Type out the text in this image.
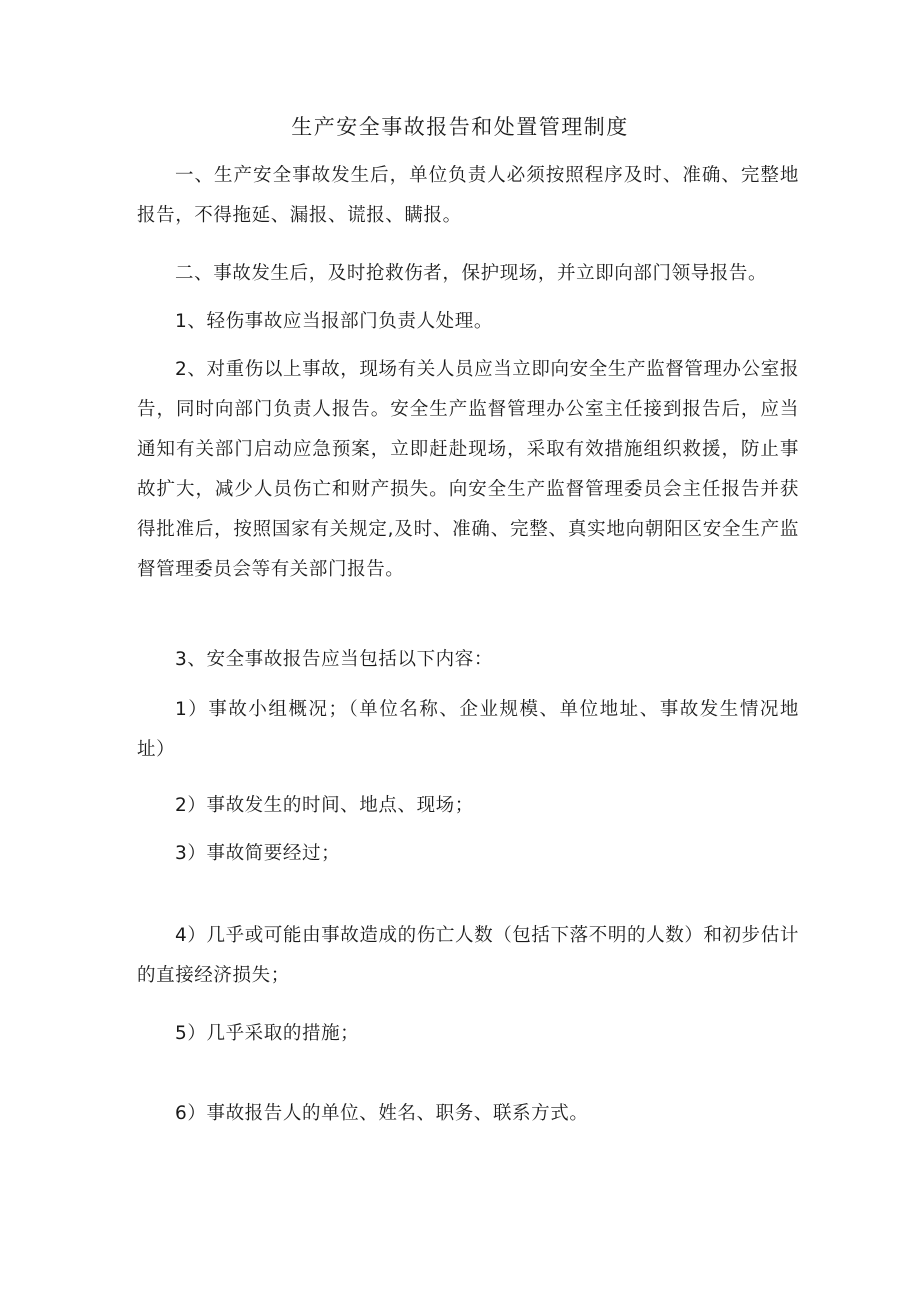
生产安全事故报告和处置管理制度

一、生产安全事故发生后，单位负责人必须按照程序及时、准确、完整地报告，不得拖延、漏报、谎报、瞒报。

二、事故发生后，及时抢救伤者，保护现场，并立即向部门领导报告。

1、轻伤事故应当报部门负责人处理。

2、对重伤以上事故，现场有关人员应当立即向安全生产监督管理办公室报告，同时向部门负责人报告。安全生产监督管理办公室主任接到报告后，应当通知有关部门启动应急预案，立即赶赴现场，采取有效措施组织救援，防止事故扩大，减少人员伤亡和财产损失。向安全生产监督管理委员会主任报告并获得批准后，按照国家有关规定,及时、准确、完整、真实地向朝阳区安全生产监督管理委员会等有关部门报告。

3、安全事故报告应当包括以下内容：

1）事故小组概况；（单位名称、企业规模、单位地址、事故发生情况地址）

2）事故发生的时间、地点、现场；

3）事故简要经过；

4）几乎或可能由事故造成的伤亡人数（包括下落不明的人数）和初步估计的直接经济损失；

5）几乎采取的措施；

6）事故报告人的单位、姓名、职务、联系方式。
